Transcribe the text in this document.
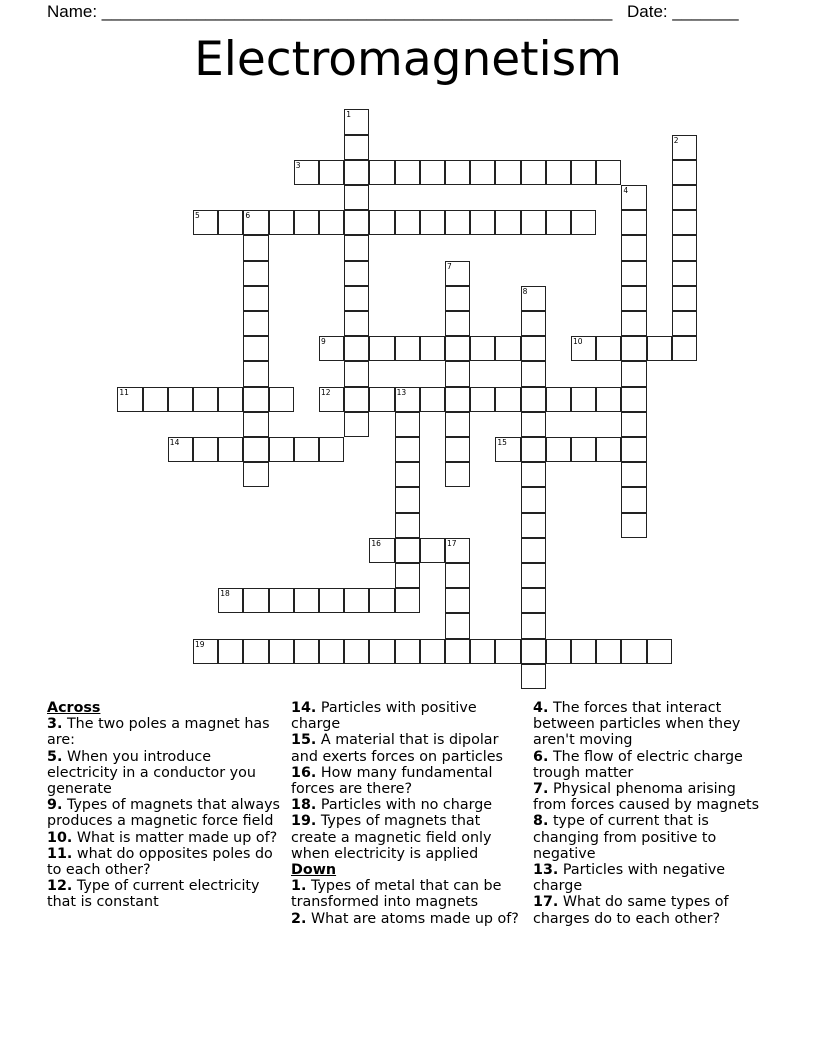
Name: ______________________________________________________ Date: _______
Electromagnetism
1
2
3
4
5	6
7
8
9	10
11	12	13
14	15
16	17
18
19
Across
3. The two poles a magnet has are:
5. When you introduce electricity in a conductor you generate
9. Types of magnets that always produces a magnetic force field
10. What is matter made up of?
11. what do opposites poles do to each other?
12. Type of current electricity that is constant
14. Particles with positive charge
15. A material that is dipolar and exerts forces on particles
16. How many fundamental forces are there?
18. Particles with no charge
19. Types of magnets that create a magnetic field only when electricity is applied
Down
1. Types of metal that can be transformed into magnets
2. What are atoms made up of?
4. The forces that interact between particles when they aren't moving
6. The flow of electric charge trough matter
7. Physical phenoma arising from forces caused by magnets
8. type of current that is changing from positive to negative
13. Particles with negative charge
17. What do same types of charges do to each other?
